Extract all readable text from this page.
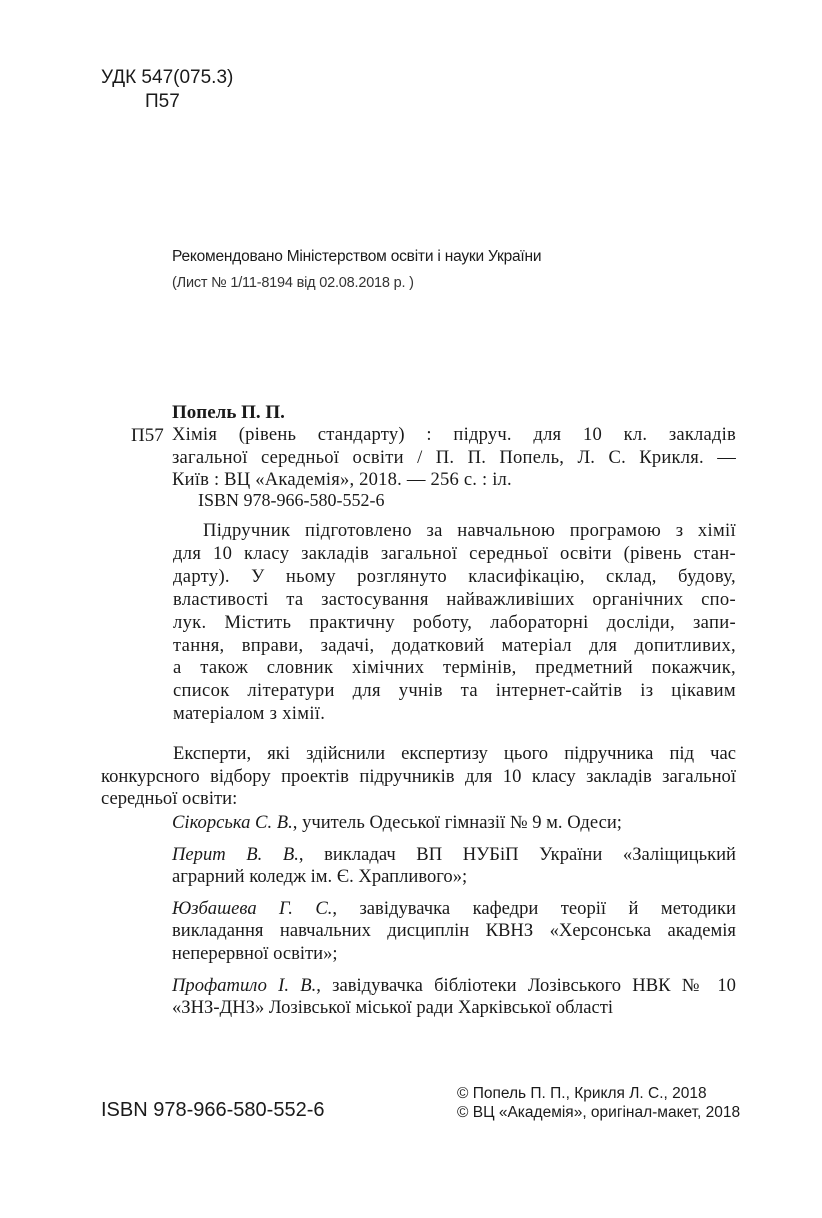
УДК 547(075.3)
П57
Рекомендовано Міністерством освіти і науки України
(Лист № 1/11-8194 від 02.08.2018 р. )
Попель П. П.
П57 Хімія (рівень стандарту) : підруч. для 10 кл. закладів
загальної середньої освіти / П. П. Попель, Л. С. Крикля. —
Київ : ВЦ «Академія», 2018. — 256 с. : іл.
ISBN 978-966-580-552-6
Підручник підготовлено за навчальною програмою з хімії
для 10 класу закладів загальної середньої освіти (рівень стан-
дарту). У ньому розглянуто класифікацію, склад, будову,
властивості та застосування найважливіших органічних спо-
лук. Містить практичну роботу, лабораторні досліди, запи-
тання, вправи, задачі, додатковий матеріал для допитливих,
а також словник хімічних термінів, предметний покажчик,
список літератури для учнів та інтернет-сайтів із цікавим
матеріалом з хімії.
Експерти, які здійснили експертизу цього підручника під час
конкурсного відбору проектів підручників для 10 класу закладів загальної
середньої освіти:
Сікорська С. В., учитель Одеської гімназії № 9 м. Одеси;
Перит В. В., викладач ВП НУБіП України «Заліщицький
аграрний коледж ім. Є. Храпливого»;
Юзбашева Г. С., завідувачка кафедри теорії й методики
викладання навчальних дисциплін КВНЗ «Херсонська академія
неперервної освіти»;
Профатило І. В., завідувачка бібліотеки Лозівського НВК № 10
«ЗНЗ-ДНЗ» Лозівської міської ради Харківської області
ISBN 978-966-580-552-6
© Попель П. П., Крикля Л. С., 2018
© ВЦ «Академія», оригінал-макет, 2018
